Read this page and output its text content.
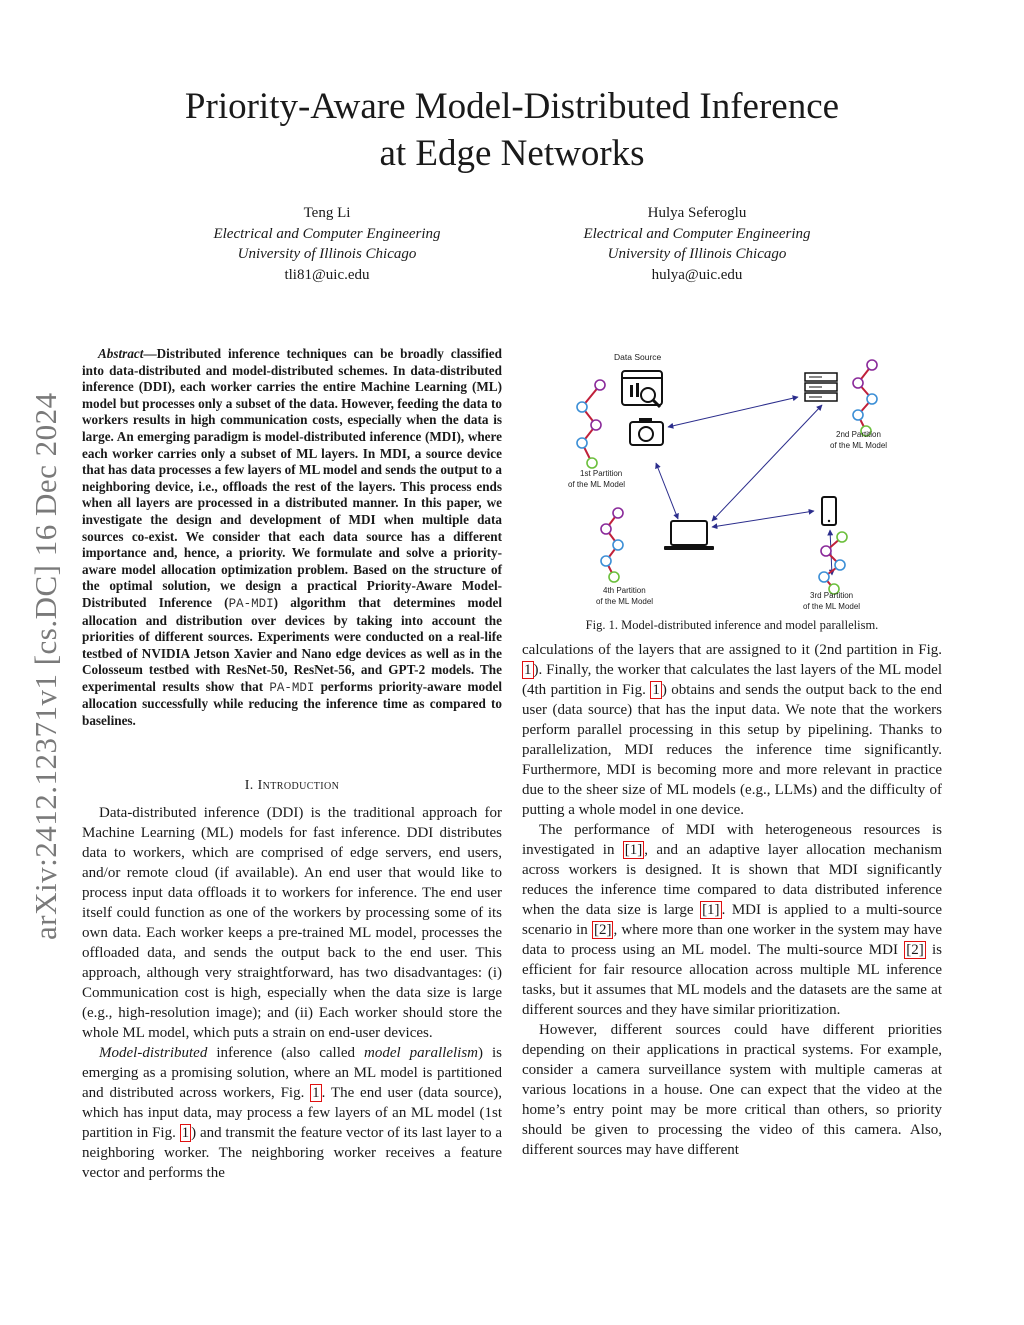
Priority-Aware Model-Distributed Inference
at Edge Networks
Teng Li
Electrical and Computer Engineering
University of Illinois Chicago
tli81@uic.edu
Hulya Seferoglu
Electrical and Computer Engineering
University of Illinois Chicago
hulya@uic.edu
arXiv:2412.12371v1 [cs.DC] 16 Dec 2024
Abstract—Distributed inference techniques can be broadly classified into data-distributed and model-distributed schemes. In data-distributed inference (DDI), each worker carries the entire Machine Learning (ML) model but processes only a subset of the data. However, feeding the data to workers results in high communication costs, especially when the data is large. An emerging paradigm is model-distributed inference (MDI), where each worker carries only a subset of ML layers. In MDI, a source device that has data processes a few layers of ML model and sends the output to a neighboring device, i.e., offloads the rest of the layers. This process ends when all layers are processed in a distributed manner. In this paper, we investigate the design and development of MDI when multiple data sources co-exist. We consider that each data source has a different importance and, hence, a priority. We formulate and solve a priority-aware model allocation optimization problem. Based on the structure of the optimal solution, we design a practical Priority-Aware Model-Distributed Inference (PA-MDI) algorithm that determines model allocation and distribution over devices by taking into account the priorities of different sources. Experiments were conducted on a real-life testbed of NVIDIA Jetson Xavier and Nano edge devices as well as in the Colosseum testbed with ResNet-50, ResNet-56, and GPT-2 models. The experimental results show that PA-MDI performs priority-aware model allocation successfully while reducing the inference time as compared to baselines.
I. Introduction

Data-distributed inference (DDI) is the traditional approach for Machine Learning (ML) models for fast inference. DDI distributes data to workers, which are comprised of edge servers, end users, and/or remote cloud (if available). An end user that would like to process input data offloads it to workers for inference. The end user itself could function as one of the workers by processing some of its own data. Each worker keeps a pre-trained ML model, processes the offloaded data, and sends the output back to the end user. This approach, although very straightforward, has two disadvantages: (i) Communication cost is high, especially when the data size is large (e.g., high-resolution image); and (ii) Each worker should store the whole ML model, which puts a strain on end-user devices.

Model-distributed inference (also called model parallelism) is emerging as a promising solution, where an ML model is partitioned and distributed across workers, Fig. 1 . The end user (data source), which has input data, may process a few layers of an ML model (1st partition in Fig. 1 ) and transmit the feature vector of its last layer to a neighboring worker. The neighboring worker receives a feature vector and performs the

Data Source
1st Partition
of the ML Model
2nd Partition
of the ML Model
4th Partition
of the ML Model
3rd Partition
of the ML Model
Fig. 1. Model-distributed inference and model parallelism.

calculations of the layers that are assigned to it (2nd partition in Fig. 1 ). Finally, the worker that calculates the last layers of the ML model (4th partition in Fig. 1 ) obtains and sends the output back to the end user (data source) that has the input data. We note that the workers perform parallel processing in this setup by pipelining. Thanks to parallelization, MDI reduces the inference time significantly. Furthermore, MDI is becoming more and more relevant in practice due to the sheer size of ML models (e.g., LLMs) and the difficulty of putting a whole model in one device.

The performance of MDI with heterogeneous resources is investigated in [1] , and an adaptive layer allocation mechanism across workers is designed. It is shown that MDI significantly reduces the inference time compared to data distributed inference when the data size is large [1] . MDI is applied to a multi-source scenario in [2] , where more than one worker in the system may have data to process using an ML model. The multi-source MDI [2] is efficient for fair resource allocation across multiple ML inference tasks, but it assumes that ML models and the datasets are the same at different sources and they have similar prioritization.

However, different sources could have different priorities depending on their applications in practical systems. For example, consider a camera surveillance system with multiple cameras at various locations in a house. One can expect that the video at the home’s entry point may be more critical than others, so priority should be given to processing the video of this camera. Also, different sources may have different
